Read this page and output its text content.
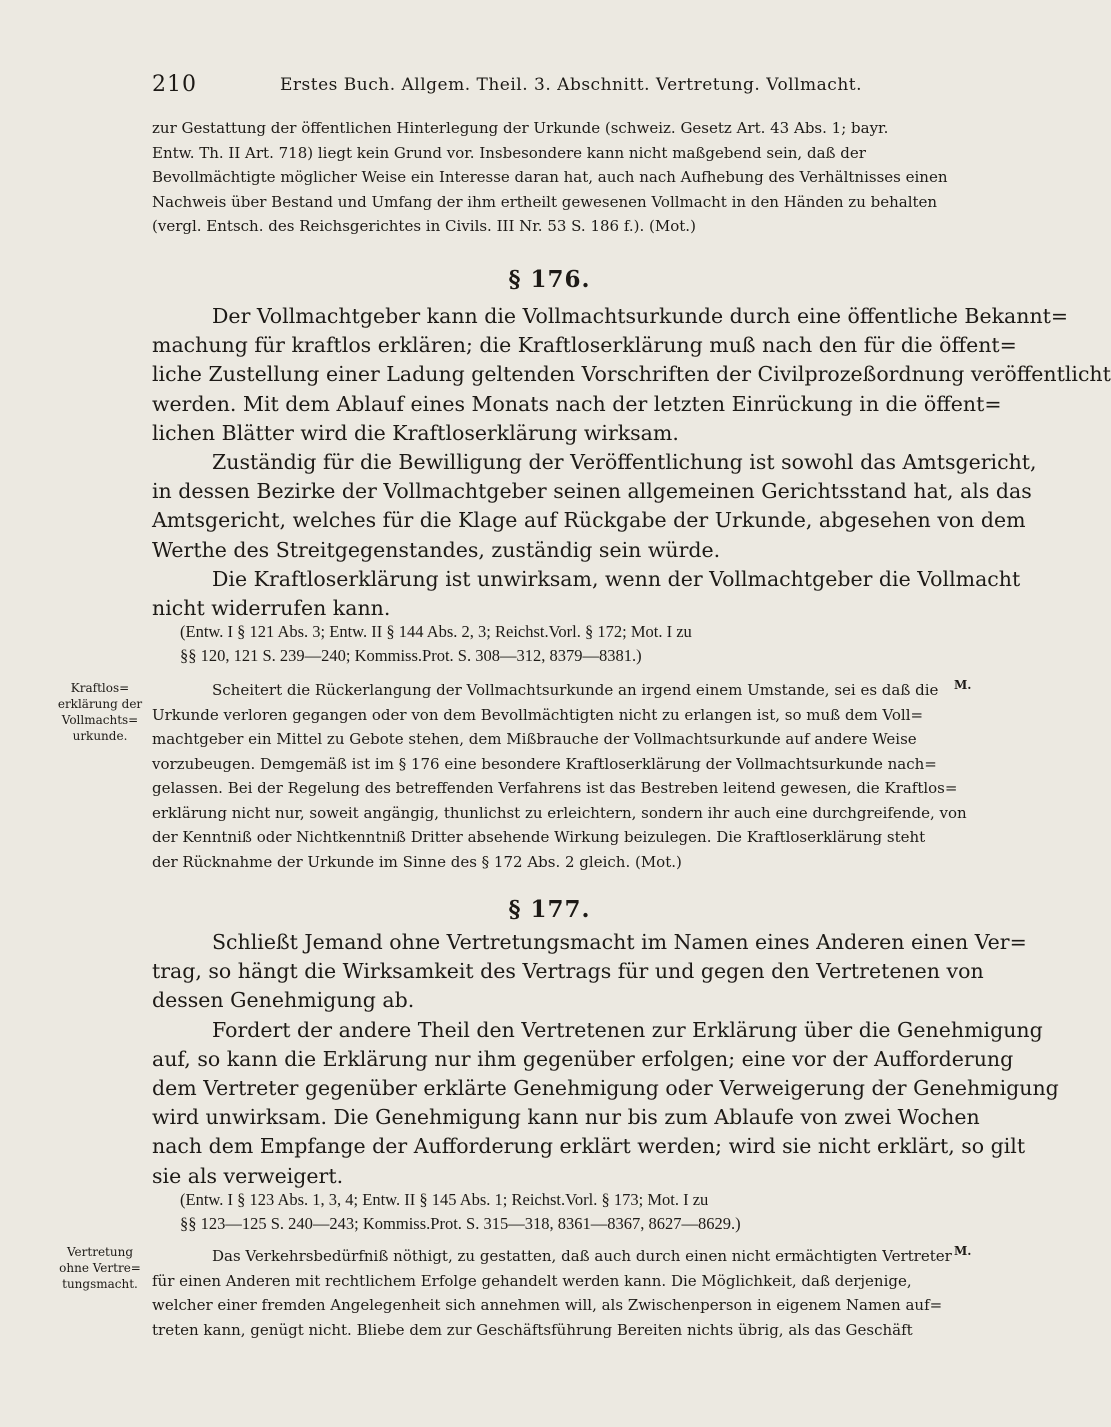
210	Erstes Buch. Allgem. Theil. 3. Abschnitt. Vertretung. Vollmacht.
zur Gestattung der öffentlichen Hinterlegung der Urkunde (schweiz. Gesetz Art. 43 Abs. 1; bayr.
Entw. Th. II Art. 718) liegt kein Grund vor. Insbesondere kann nicht maßgebend sein, daß der
Bevollmächtigte möglicher Weise ein Interesse daran hat, auch nach Aufhebung des Verhältnisses einen
Nachweis über Bestand und Umfang der ihm ertheilt gewesenen Vollmacht in den Händen zu behalten
(vergl. Entsch. des Reichsgerichtes in Civils. III Nr. 53 S. 186 f.). (Mot.)
§ 176.
Der Vollmachtgeber kann die Vollmachtsurkunde durch eine öffentliche Bekannt=
machung für kraftlos erklären; die Kraftloserklärung muß nach den für die öffent=
liche Zustellung einer Ladung geltenden Vorschriften der Civilprozeßordnung veröffentlicht
werden. Mit dem Ablauf eines Monats nach der letzten Einrückung in die öffent=
lichen Blätter wird die Kraftloserklärung wirksam.
Zuständig für die Bewilligung der Veröffentlichung ist sowohl das Amtsgericht,
in dessen Bezirke der Vollmachtgeber seinen allgemeinen Gerichtsstand hat, als das
Amtsgericht, welches für die Klage auf Rückgabe der Urkunde, abgesehen von dem
Werthe des Streitgegenstandes, zuständig sein würde.
Die Kraftloserklärung ist unwirksam, wenn der Vollmachtgeber die Vollmacht
nicht widerrufen kann.
(Entw. I § 121 Abs. 3; Entw. II § 144 Abs. 2, 3; Reichst.Vorl. § 172; Mot. I zu
§§ 120, 121 S. 239—240; Kommiss.Prot. S. 308—312, 8379—8381.)
Kraftlos=
erklärung der
Vollmachts=
urkunde.
M.
Scheitert die Rückerlangung der Vollmachtsurkunde an irgend einem Umstande, sei es daß die
Urkunde verloren gegangen oder von dem Bevollmächtigten nicht zu erlangen ist, so muß dem Voll=
machtgeber ein Mittel zu Gebote stehen, dem Mißbrauche der Vollmachtsurkunde auf andere Weise
vorzubeugen. Demgemäß ist im § 176 eine besondere Kraftloserklärung der Vollmachtsurkunde nach=
gelassen. Bei der Regelung des betreffenden Verfahrens ist das Bestreben leitend gewesen, die Kraftlos=
erklärung nicht nur, soweit angängig, thunlichst zu erleichtern, sondern ihr auch eine durchgreifende, von
der Kenntniß oder Nichtkenntniß Dritter absehende Wirkung beizulegen. Die Kraftloserklärung steht
der Rücknahme der Urkunde im Sinne des § 172 Abs. 2 gleich. (Mot.)
§ 177.
Schließt Jemand ohne Vertretungsmacht im Namen eines Anderen einen Ver=
trag, so hängt die Wirksamkeit des Vertrags für und gegen den Vertretenen von
dessen Genehmigung ab.
Fordert der andere Theil den Vertretenen zur Erklärung über die Genehmigung
auf, so kann die Erklärung nur ihm gegenüber erfolgen; eine vor der Aufforderung
dem Vertreter gegenüber erklärte Genehmigung oder Verweigerung der Genehmigung
wird unwirksam. Die Genehmigung kann nur bis zum Ablaufe von zwei Wochen
nach dem Empfange der Aufforderung erklärt werden; wird sie nicht erklärt, so gilt
sie als verweigert.
(Entw. I § 123 Abs. 1, 3, 4; Entw. II § 145 Abs. 1; Reichst.Vorl. § 173; Mot. I zu
§§ 123—125 S. 240—243; Kommiss.Prot. S. 315—318, 8361—8367, 8627—8629.)
Vertretung
ohne Vertre=
tungsmacht.
M.
Das Verkehrsbedürfniß nöthigt, zu gestatten, daß auch durch einen nicht ermächtigten Vertreter
für einen Anderen mit rechtlichem Erfolge gehandelt werden kann. Die Möglichkeit, daß derjenige,
welcher einer fremden Angelegenheit sich annehmen will, als Zwischenperson in eigenem Namen auf=
treten kann, genügt nicht. Bliebe dem zur Geschäftsführung Bereiten nichts übrig, als das Geschäft
